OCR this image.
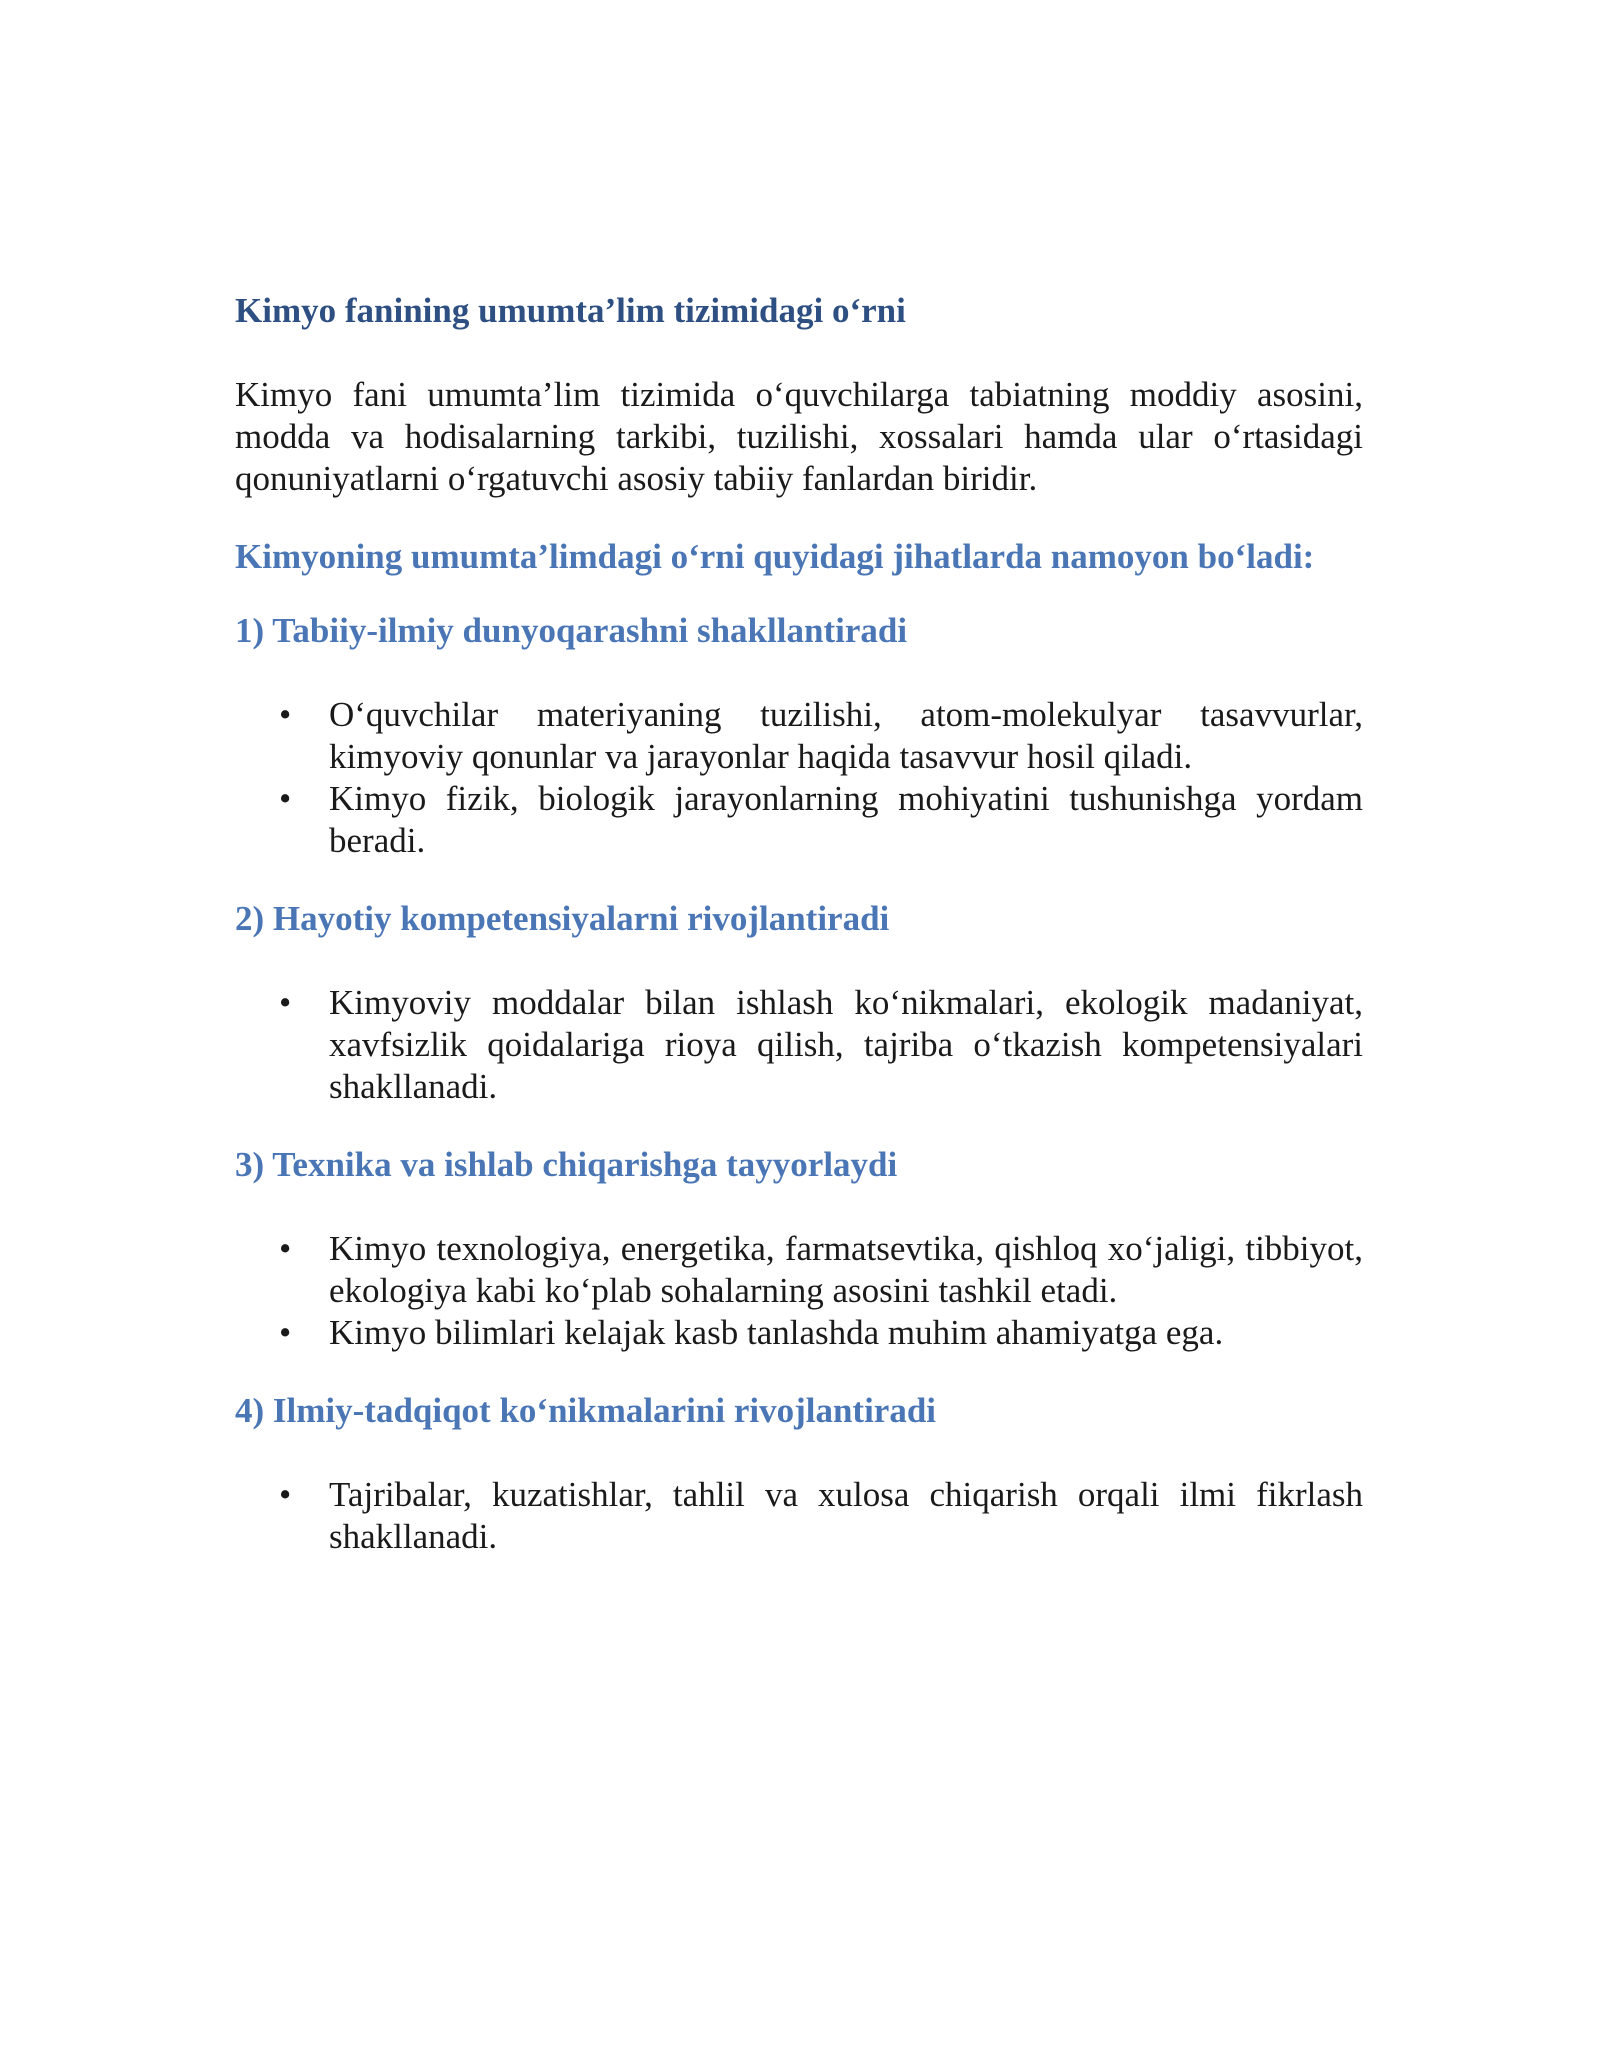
Kimyo fanining umumta’lim tizimidagi o‘rni

Kimyo fani umumta’lim tizimida o‘quvchilarga tabiatning moddiy asosini, modda va hodisalarning tarkibi, tuzilishi, xossalari hamda ular o‘rtasidagi qonuniyatlarni o‘rgatuvchi asosiy tabiiy fanlardan biridir.

Kimyoning umumta’limdagi o‘rni quyidagi jihatlarda namoyon bo‘ladi:
1) Tabiiy-ilmiy dunyoqarashni shakllantiradi
• O‘quvchilar materiyaning tuzilishi, atom-molekulyar tasavvurlar, kimyoviy qonunlar va jarayonlar haqida tasavvur hosil qiladi.
• Kimyo fizik, biologik jarayonlarning mohiyatini tushunishga yordam beradi.
2) Hayotiy kompetensiyalarni rivojlantiradi
• Kimyoviy moddalar bilan ishlash ko‘nikmalari, ekologik madaniyat, xavfsizlik qoidalariga rioya qilish, tajriba o‘tkazish kompetensiyalari shakllanadi.
3) Texnika va ishlab chiqarishga tayyorlaydi
• Kimyo texnologiya, energetika, farmatsevtika, qishloq xo‘jaligi, tibbiyot, ekologiya kabi ko‘plab sohalarning asosini tashkil etadi.
• Kimyo bilimlari kelajak kasb tanlashda muhim ahamiyatga ega.
4) Ilmiy-tadqiqot ko‘nikmalarini rivojlantiradi
• Tajribalar, kuzatishlar, tahlil va xulosa chiqarish orqali ilmi fikrlash shakllanadi.
